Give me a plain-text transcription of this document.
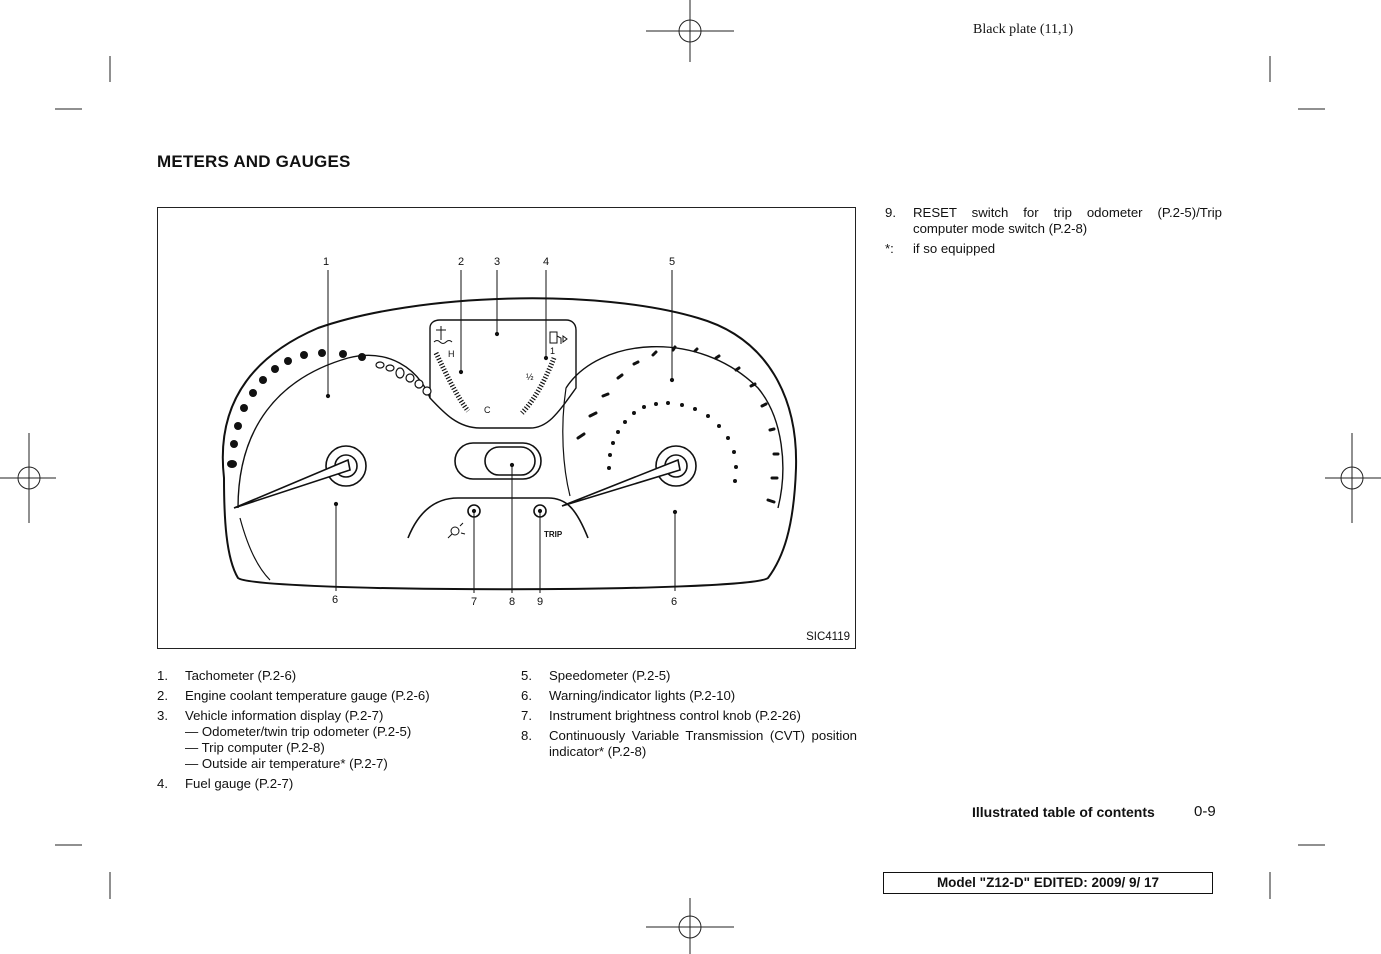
Black plate (11,1)
METERS AND GAUGES
1	2	3	4	5
6	6
7	8 9
H
C
1
½
TRIP
SIC4119
1.	Tachometer (P.2-6)
2.	Engine coolant temperature gauge (P.2-6)
3.	Vehicle information display (P.2-7)
— Odometer/twin trip odometer (P.2-5)
— Trip computer (P.2-8)
— Outside air temperature* (P.2-7)
4.	Fuel gauge (P.2-7)
5.	Speedometer (P.2-5)
6.	Warning/indicator lights (P.2-10)
7.	Instrument brightness control knob (P.2-26)
8.	Continuously Variable Transmission (CVT) position indicator* (P.2-8)
9.	RESET switch for trip odometer (P.2-5)/Trip computer mode switch (P.2-8)
*:	if so equipped
Illustrated table of contents	0-9
Model "Z12-D" EDITED: 2009/ 9/ 17
